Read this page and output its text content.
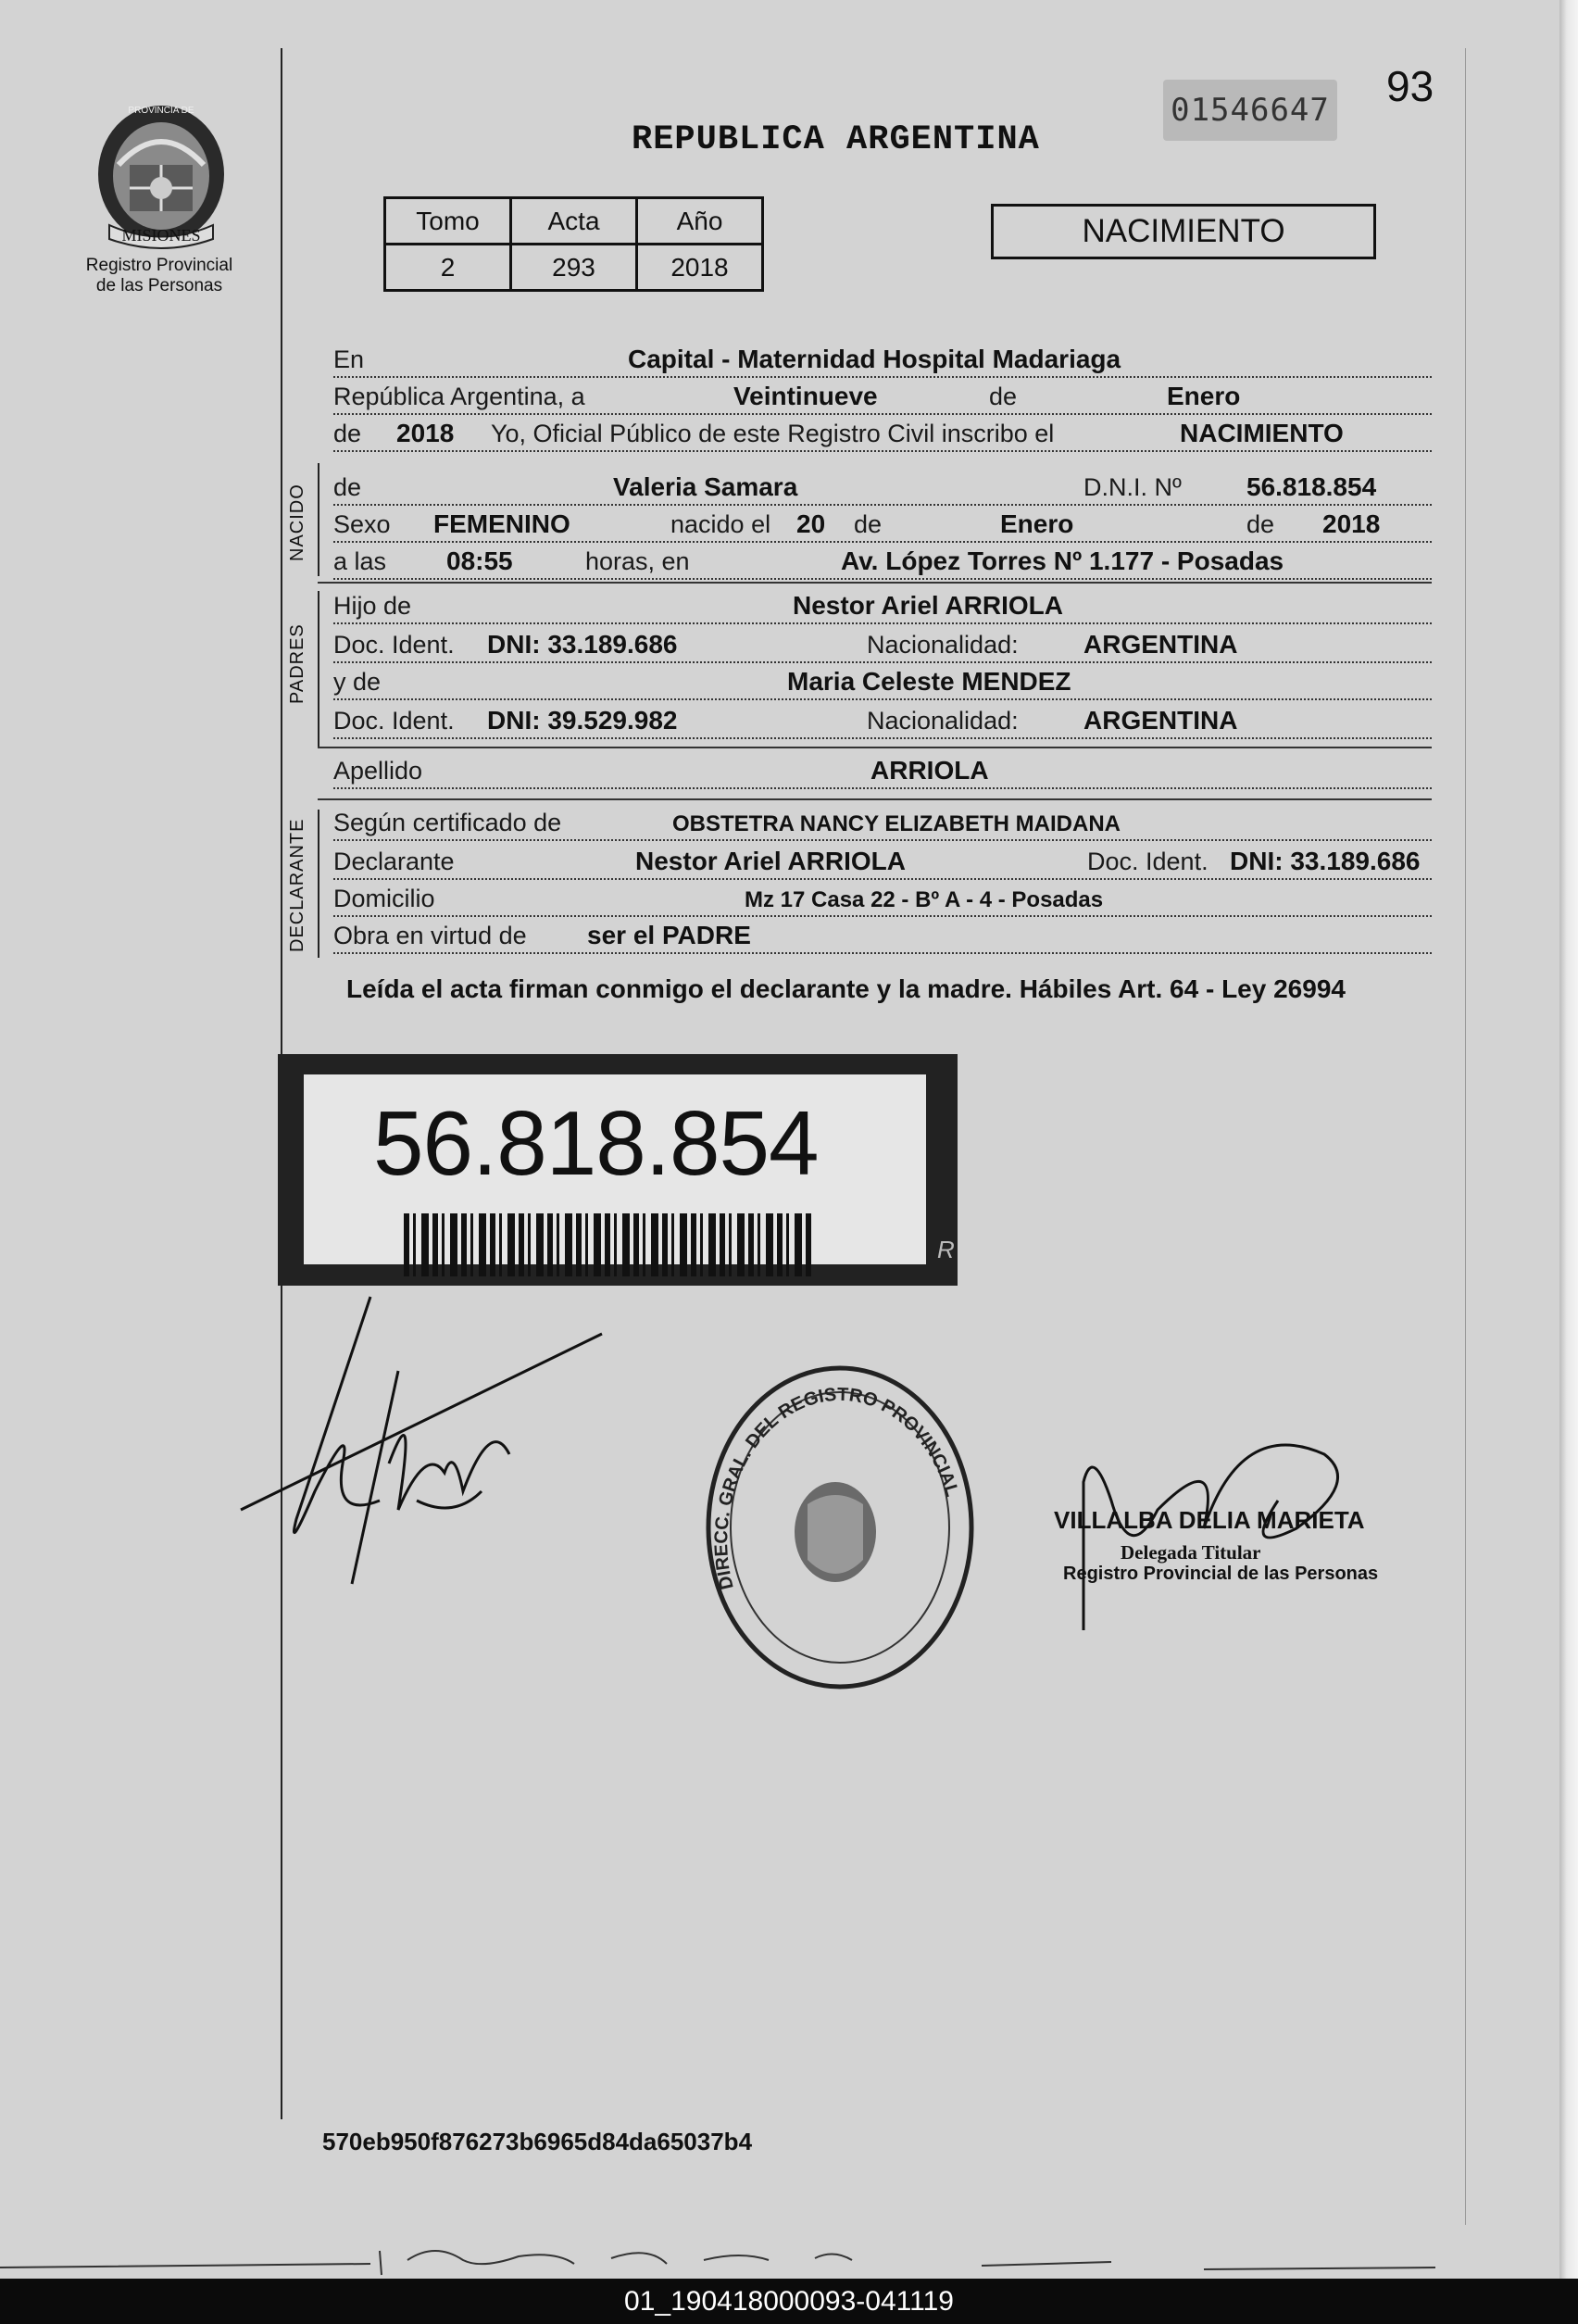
MISIONES
PROVINCIA DE
Registro Provincial
de las Personas
93
01546647
REPUBLICA ARGENTINA
Tomo	Acta	Año
2	293	2018
NACIMIENTO
En	Capital - Maternidad Hospital Madariaga
República Argentina, a	Veintinueve	de	Enero
de 2018 Yo, Oficial Público de este Registro Civil inscribo el	NACIMIENTO
NACIDO de	Valeria Samara	D.N.I. Nº	56.818.854
Sexo FEMENINO	nacido el 20 de	Enero	de 2018
a las 08:55	horas, en	Av. López Torres Nº 1.177 - Posadas
PADRES
Hijo de	Nestor Ariel ARRIOLA
Doc. Ident. DNI: 33.189.686	Nacionalidad:	ARGENTINA
y de	Maria Celeste MENDEZ
Doc. Ident. DNI: 39.529.982	Nacionalidad:	ARGENTINA
Apellido	ARRIOLA
DECLARANTE Según certificado de	OBSTETRA NANCY ELIZABETH MAIDANA
Declarante	Nestor Ariel ARRIOLA	Doc. Ident. DNI: 33.189.686
Domicilio	Mz 17 Casa 22 - Bº A - 4 - Posadas
Obra en virtud de ser el PADRE
Leída el acta firman conmigo el declarante y la madre. Hábiles Art. 64 - Ley 26994
56.818.854
R
DIRECC. GRAL. DEL REGISTRO PROVINCIAL
VILLALBA DELIA MARIETA
Delegada Titular
Registro Provincial de las Personas
570eb950f876273b6965d84da65037b4
01_190418000093-041119
